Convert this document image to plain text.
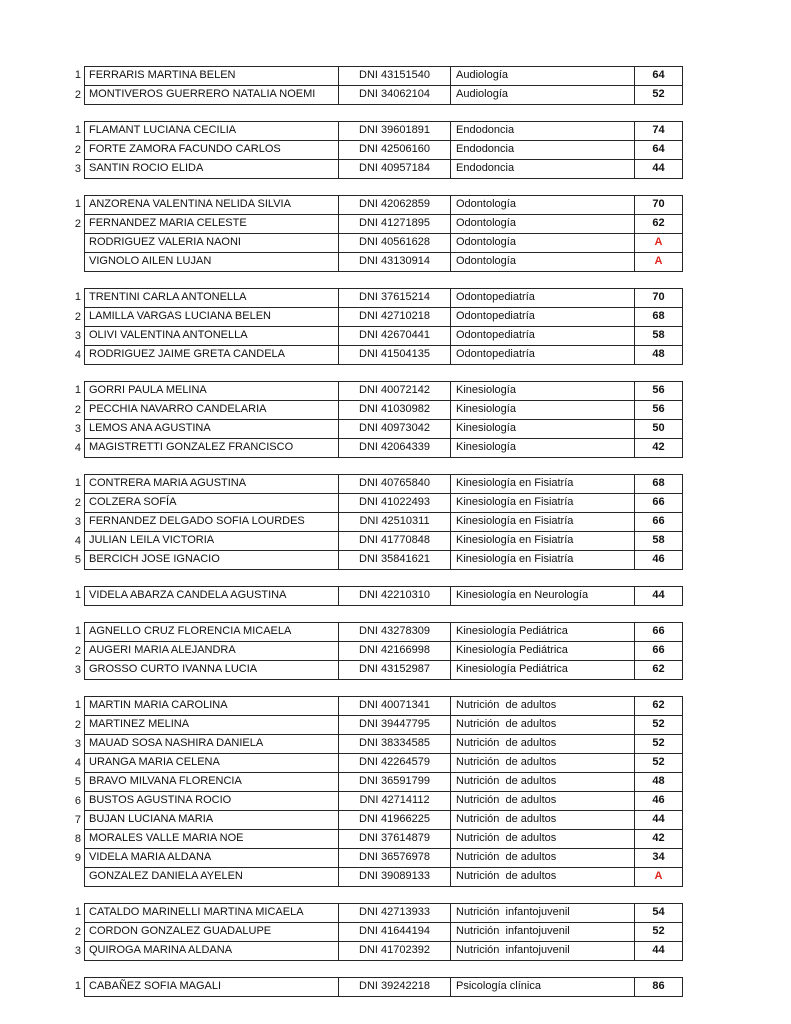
1 FERRARIS MARTINA BELEN	DNI 43151540	Audiología	64
2 MONTIVEROS GUERRERO NATALIA NOEMI	DNI 34062104	Audiología	52
1 FLAMANT LUCIANA CECILIA	DNI 39601891	Endodoncia	74
2 FORTE ZAMORA FACUNDO CARLOS	DNI 42506160	Endodoncia	64
3 SANTIN ROCIO ELIDA	DNI 40957184	Endodoncia	44
1 ANZORENA VALENTINA NELIDA SILVIA	DNI 42062859	Odontología	70
2 FERNANDEZ MARIA CELESTE	DNI 41271895	Odontología	62
RODRIGUEZ VALERIA NAONI	DNI 40561628	Odontología	A
VIGNOLO AILEN LUJAN	DNI 43130914	Odontología	A
1 TRENTINI CARLA ANTONELLA	DNI 37615214	Odontopediatría	70
2 LAMILLA VARGAS LUCIANA BELEN	DNI 42710218	Odontopediatría	68
3 OLIVI VALENTINA ANTONELLA	DNI 42670441	Odontopediatría	58
4 RODRIGUEZ JAIME GRETA CANDELA	DNI 41504135	Odontopediatría	48
1 GORRI PAULA MELINA	DNI 40072142	Kinesiología	56
2 PECCHIA NAVARRO CANDELARIA	DNI 41030982	Kinesiología	56
3 LEMOS ANA AGUSTINA	DNI 40973042	Kinesiología	50
4 MAGISTRETTI GONZALEZ FRANCISCO	DNI 42064339	Kinesiología	42
1 CONTRERA MARIA AGUSTINA	DNI 40765840	Kinesiología en Fisiatría	68
2 COLZERA SOFÍA	DNI 41022493	Kinesiología en Fisiatría	66
3 FERNANDEZ DELGADO SOFIA LOURDES	DNI 42510311	Kinesiología en Fisiatría	66
4 JULIAN LEILA VICTORIA	DNI 41770848	Kinesiología en Fisiatría	58
5 BERCICH JOSE IGNACIO	DNI 35841621	Kinesiología en Fisiatría	46
1 VIDELA ABARZA CANDELA AGUSTINA	DNI 42210310	Kinesiología en Neurología	44
1 AGNELLO CRUZ FLORENCIA MICAELA	DNI 43278309	Kinesiología Pediátrica	66
2 AUGERI MARIA ALEJANDRA	DNI 42166998	Kinesiología Pediátrica	66
3 GROSSO CURTO IVANNA LUCIA	DNI 43152987	Kinesiología Pediátrica	62
1 MARTIN MARIA CAROLINA	DNI 40071341	Nutrición  de adultos	62
2 MARTINEZ MELINA	DNI 39447795	Nutrición  de adultos	52
3 MAUAD SOSA NASHIRA DANIELA	DNI 38334585	Nutrición  de adultos	52
4 URANGA MARIA CELENA	DNI 42264579	Nutrición  de adultos	52
5 BRAVO MILVANA FLORENCIA	DNI 36591799	Nutrición  de adultos	48
6 BUSTOS AGUSTINA ROCIO	DNI 42714112	Nutrición  de adultos	46
7 BUJAN LUCIANA MARIA	DNI 41966225	Nutrición  de adultos	44
8 MORALES VALLE MARIA NOE	DNI 37614879	Nutrición  de adultos	42
9 VIDELA MARIA ALDANA	DNI 36576978	Nutrición  de adultos	34
GONZALEZ DANIELA AYELEN	DNI 39089133	Nutrición  de adultos	A
1 CATALDO MARINELLI MARTINA MICAELA	DNI 42713933	Nutrición  infantojuvenil	54
2 CORDON GONZALEZ GUADALUPE	DNI 41644194	Nutrición  infantojuvenil	52
3 QUIROGA MARINA ALDANA	DNI 41702392	Nutrición  infantojuvenil	44
1 CABAÑEZ SOFIA MAGALI	DNI 39242218	Psicología clínica	86
